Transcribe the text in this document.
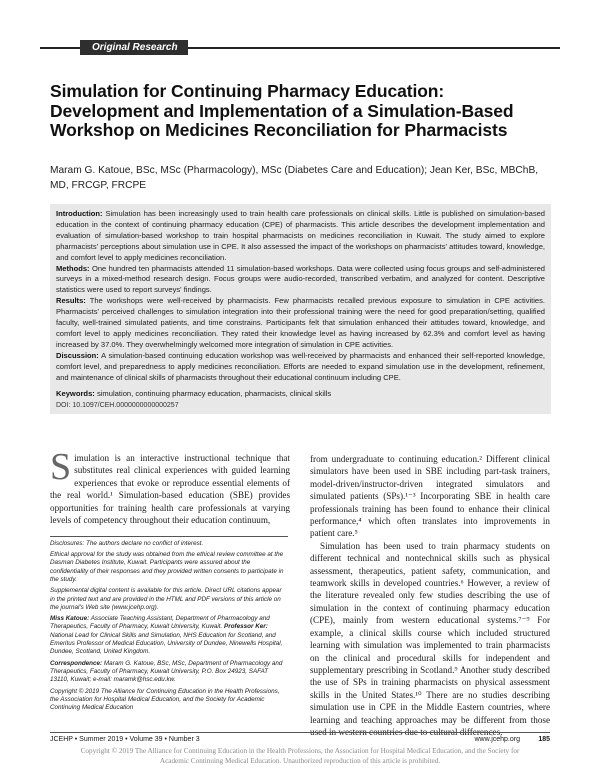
Original Research
Simulation for Continuing Pharmacy Education: Development and Implementation of a Simulation-Based Workshop on Medicines Reconciliation for Pharmacists
Maram G. Katoue, BSc, MSc (Pharmacology), MSc (Diabetes Care and Education); Jean Ker, BSc, MBChB, MD, FRCGP, FRCPE

Introduction: Simulation has been increasingly used to train health care professionals on clinical skills. Little is published on simulation-based education in the context of continuing pharmacy education (CPE) of pharmacists. This article describes the development implementation and evaluation of simulation-based workshop to train hospital pharmacists on medicines reconciliation in Kuwait. The study aimed to explore pharmacists' perceptions about simulation use in CPE. It also assessed the impact of the workshops on pharmacists' attitudes toward, knowledge, and comfort level to apply medicines reconciliation.

Methods: One hundred ten pharmacists attended 11 simulation-based workshops. Data were collected using focus groups and self-administered surveys in a mixed-method research design. Focus groups were audio-recorded, transcribed verbatim, and analyzed for content. Descriptive statistics were used to report surveys' findings.

Results: The workshops were well-received by pharmacists. Few pharmacists recalled previous exposure to simulation in CPE activities. Pharmacists' perceived challenges to simulation integration into their professional training were the need for good preparation/setting, qualified faculty, well-trained simulated patients, and time constrains. Participants felt that simulation enhanced their attitudes toward, knowledge, and comfort level to apply medicines reconciliation. They rated their knowledge level as having increased by 62.3% and comfort level as having increased by 37.0%. They overwhelmingly welcomed more integration of simulation in CPE activities.

Discussion: A simulation-based continuing education workshop was well-received by pharmacists and enhanced their self-reported knowledge, comfort level, and preparedness to apply medicines reconciliation. Efforts are needed to expand simulation use in the development, refinement, and maintenance of clinical skills of pharmacists throughout their educational continuum including CPE.

Keywords: simulation, continuing pharmacy education, pharmacists, clinical skills

DOI: 10.1097/CEH.0000000000000257

Simulation is an interactive instructional technique that substitutes real clinical experiences with guided learning experiences that evoke or reproduce essential elements of the real world.¹ Simulation-based education (SBE) provides opportunities for training health care professionals at varying levels of competency throughout their education continuum,

Disclosures: The authors declare no conflict of interest.

Ethical approval for the study was obtained from the ethical review committee at the Dasman Diabetes Institute, Kuwait. Participants were assured about the confidentiality of their responses and they provided written consents to participate in the study.

Supplemental digital content is available for this article. Direct URL citations appear in the printed text and are provided in the HTML and PDF versions of this article on the journal's Web site (www.jcehp.org).

Miss Katoue: Associate Teaching Assistant, Department of Pharmacology and Therapeutics, Faculty of Pharmacy, Kuwait University, Kuwait. Professor Ker: National Lead for Clinical Skills and Simulation, NHS Education for Scotland, and Emeritus Professor of Medical Education, University of Dundee, Ninewells Hospital, Dundee, Scotland, United Kingdom.

Correspondence: Maram G. Katoue, BSc, MSc, Department of Pharmacology and Therapeutics, Faculty of Pharmacy, Kuwait University, P.O. Box 24923, SAFAT 13110, Kuwait; e-mail: maramk@hsc.edu.kw.

Copyright © 2019 The Alliance for Continuing Education in the Health Professions, the Association for Hospital Medical Education, and the Society for Academic Continuing Medical Education

from undergraduate to continuing education.² Different clinical simulators have been used in SBE including part-task trainers, model-driven/instructor-driven integrated simulators and simulated patients (SPs).¹⁻³ Incorporating SBE in health care professionals training has been found to enhance their clinical performance,⁴ which often translates into improvements in patient care.⁵

Simulation has been used to train pharmacy students on different technical and nontechnical skills such as physical assessment, therapeutics, patient safety, communication, and teamwork skills in developed countries.⁶ However, a review of the literature revealed only few studies describing the use of simulation in the context of continuing pharmacy education (CPE), mainly from western educational systems.⁷⁻⁹ For example, a clinical skills course which included structured learning with simulation was implemented to train pharmacists on the clinical and procedural skills for independent and supplementary prescribing in Scotland.⁹ Another study described the use of SPs in training pharmacists on physical assessment skills in the United States.¹⁰ There are no studies describing simulation use in CPE in the Middle Eastern countries, where learning and teaching approaches may be different from those used in western countries due to cultural differences.

JCEHP • Summer 2019 • Volume 39 • Number 3	www.jcehp.org	185
Copyright © 2019 The Alliance for Continuing Education in the Health Professions, the Association for Hospital Medical Education, and the Society for Academic Continuing Medical Education. Unauthorized reproduction of this article is prohibited.
